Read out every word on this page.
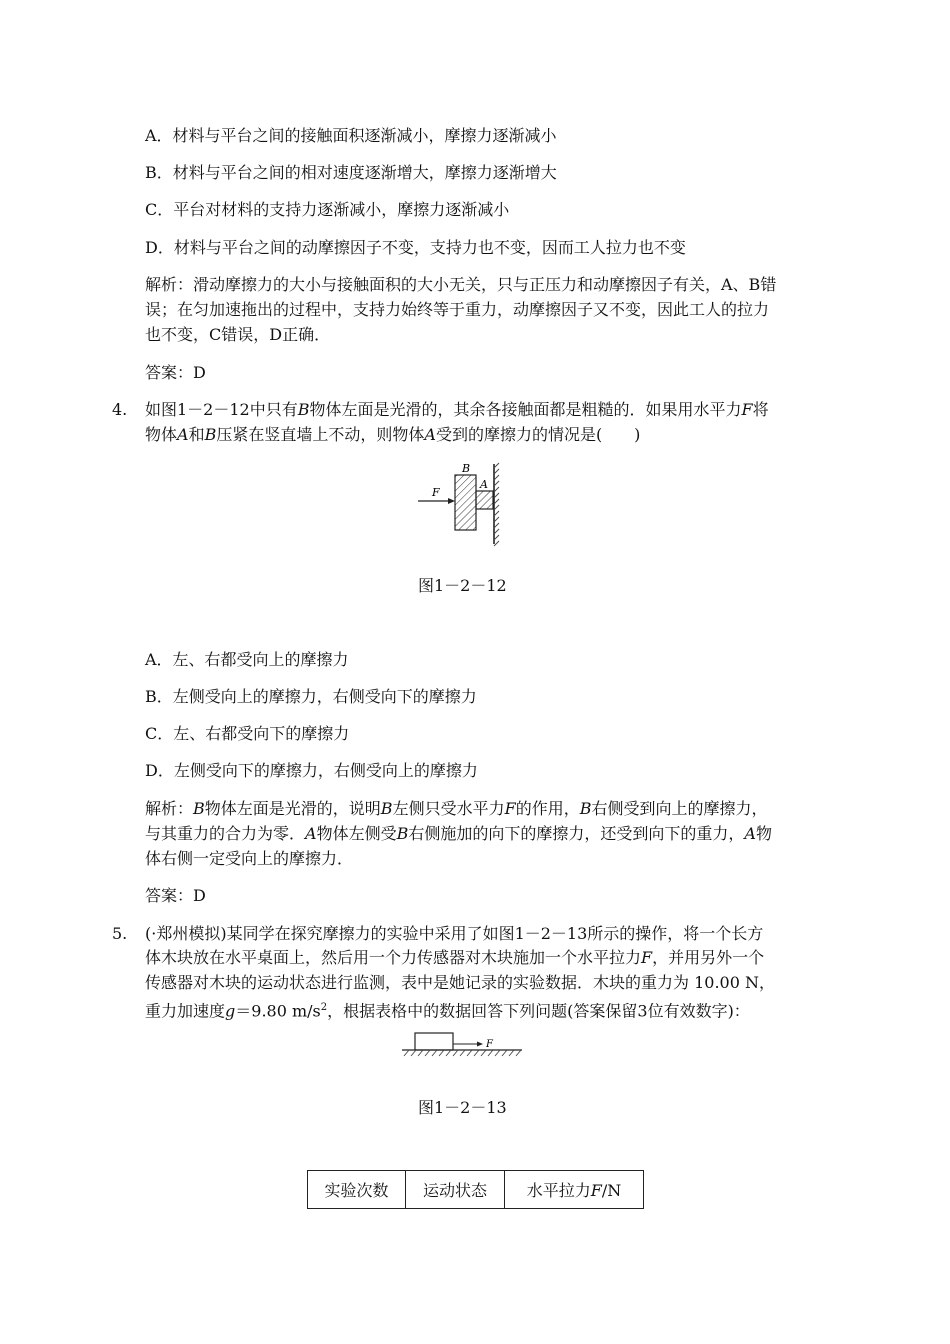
A．材料与平台之间的接触面积逐渐减小，摩擦力逐渐减小
B．材料与平台之间的相对速度逐渐增大，摩擦力逐渐增大
C．平台对材料的支持力逐渐减小，摩擦力逐渐减小
D．材料与平台之间的动摩擦因子不变，支持力也不变，因而工人拉力也不变
解析：滑动摩擦力的大小与接触面积的大小无关，只与正压力和动摩擦因子有关，A、B错
误；在匀加速拖出的过程中，支持力始终等于重力，动摩擦因子又不变，因此工人的拉力
也不变，C错误，D正确．
答案：D
4. 如图1－2－12中只有B物体左面是光滑的，其余各接触面都是粗糙的．如果用水平力F将
物体A和B压紧在竖直墙上不动，则物体A受到的摩擦力的情况是(　　)
F
B
A
图1－2－12
A．左、右都受向上的摩擦力
B．左侧受向上的摩擦力，右侧受向下的摩擦力
C．左、右都受向下的摩擦力
D．左侧受向下的摩擦力，右侧受向上的摩擦力
解析：B物体左面是光滑的，说明B左侧只受水平力F的作用，B右侧受到向上的摩擦力，
与其重力的合力为零．A物体左侧受B右侧施加的向下的摩擦力，还受到向下的重力，A物
体右侧一定受向上的摩擦力．
答案：D
5. (·郑州模拟)某同学在探究摩擦力的实验中采用了如图1－2－13所示的操作，将一个长方
体木块放在水平桌面上，然后用一个力传感器对木块施加一个水平拉力F，并用另外一个
传感器对木块的运动状态进行监测，表中是她记录的实验数据．木块的重力为 10.00 N，
重力加速度g＝9.80 $m/s^2$，根据表格中的数据回答下列问题(答案保留3位有效数字)：
F
图1－2－13
实验次数	运动状态	水平拉力F/N
